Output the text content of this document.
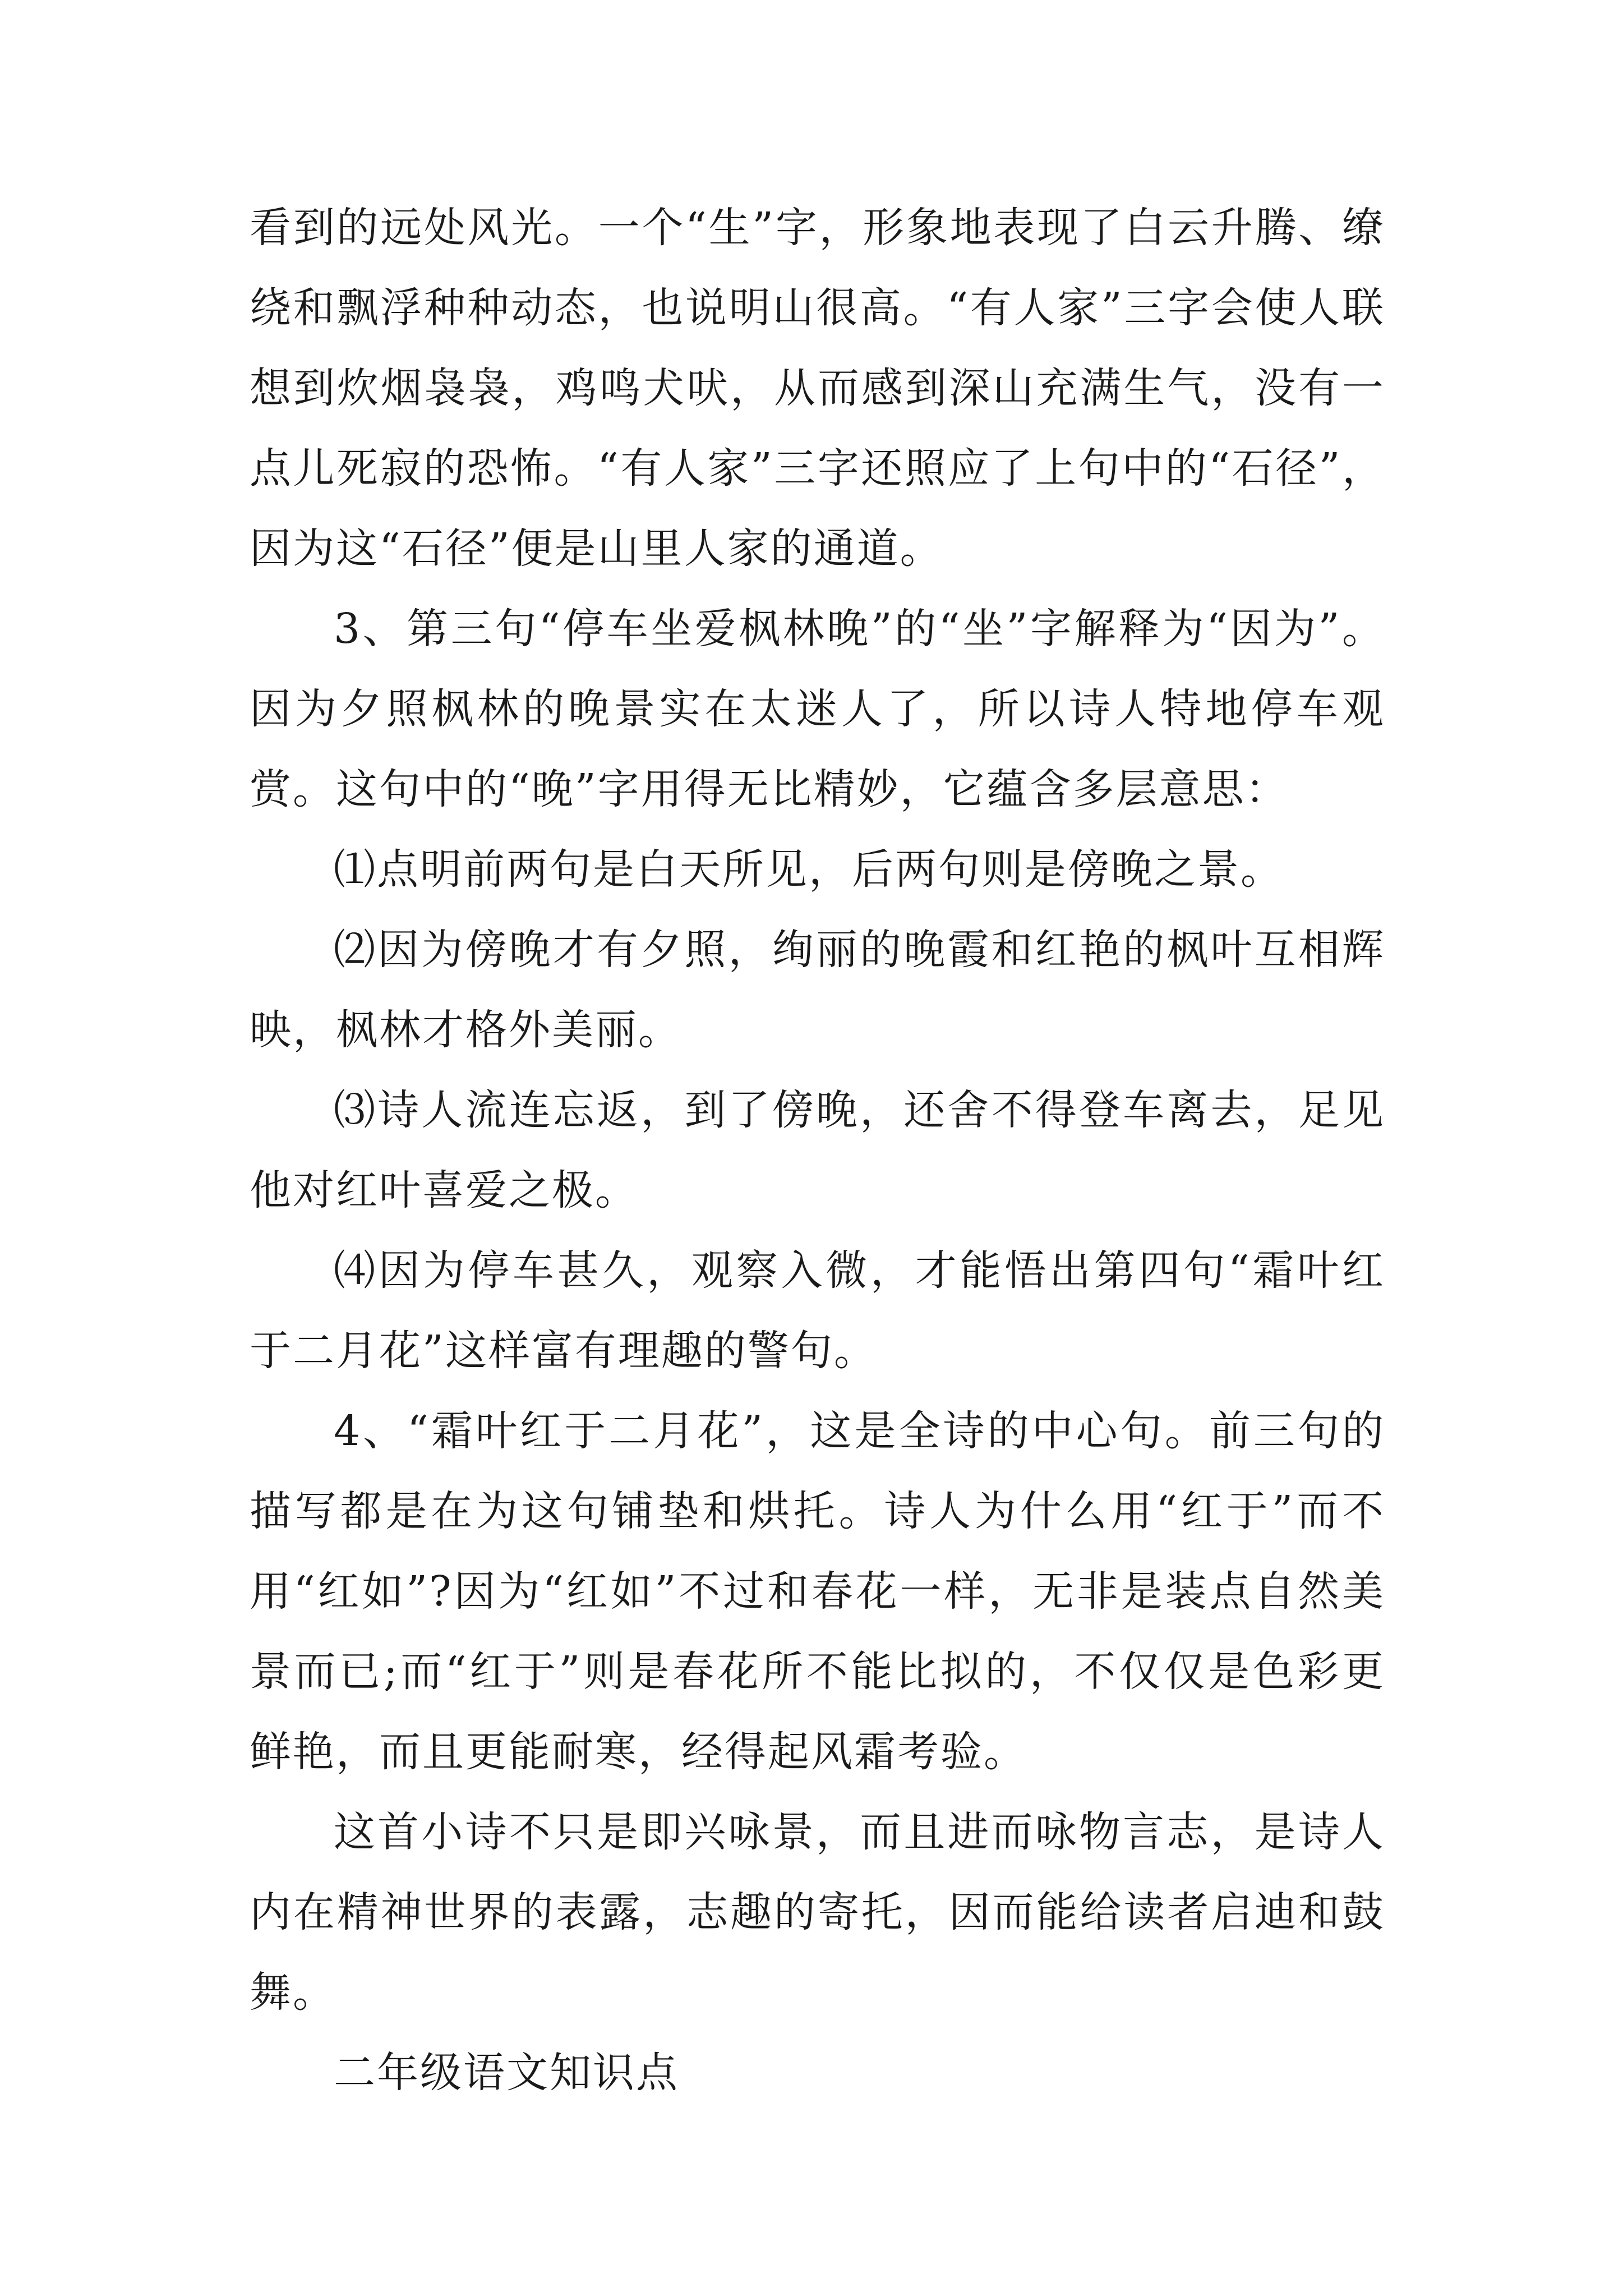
看到的远处风光。一个“生”字，形象地表现了白云升腾、缭绕和飘浮种种动态，也说明山很高。“有人家”三字会使人联想到炊烟袅袅，鸡鸣犬吠，从而感到深山充满生气，没有一点儿死寂的恐怖。“有人家”三字还照应了上句中的“石径”，因为这“石径”便是山里人家的通道。

3、第三句“停车坐爱枫林晚”的“坐”字解释为“因为”。因为夕照枫林的晚景实在太迷人了，所以诗人特地停车观赏。这句中的“晚”字用得无比精妙，它蕴含多层意思：

⑴点明前两句是白天所见，后两句则是傍晚之景。

⑵因为傍晚才有夕照，绚丽的晚霞和红艳的枫叶互相辉映，枫林才格外美丽。

⑶诗人流连忘返，到了傍晚，还舍不得登车离去，足见他对红叶喜爱之极。

⑷因为停车甚久，观察入微，才能悟出第四句“霜叶红于二月花”这样富有理趣的警句。

4、“霜叶红于二月花”，这是全诗的中心句。前三句的描写都是在为这句铺垫和烘托。诗人为什么用“红于”而不用“红如”?因为“红如”不过和春花一样，无非是装点自然美景而已;而“红于”则是春花所不能比拟的，不仅仅是色彩更鲜艳，而且更能耐寒，经得起风霜考验。

这首小诗不只是即兴咏景，而且进而咏物言志，是诗人内在精神世界的表露，志趣的寄托，因而能给读者启迪和鼓舞。

二年级语文知识点
